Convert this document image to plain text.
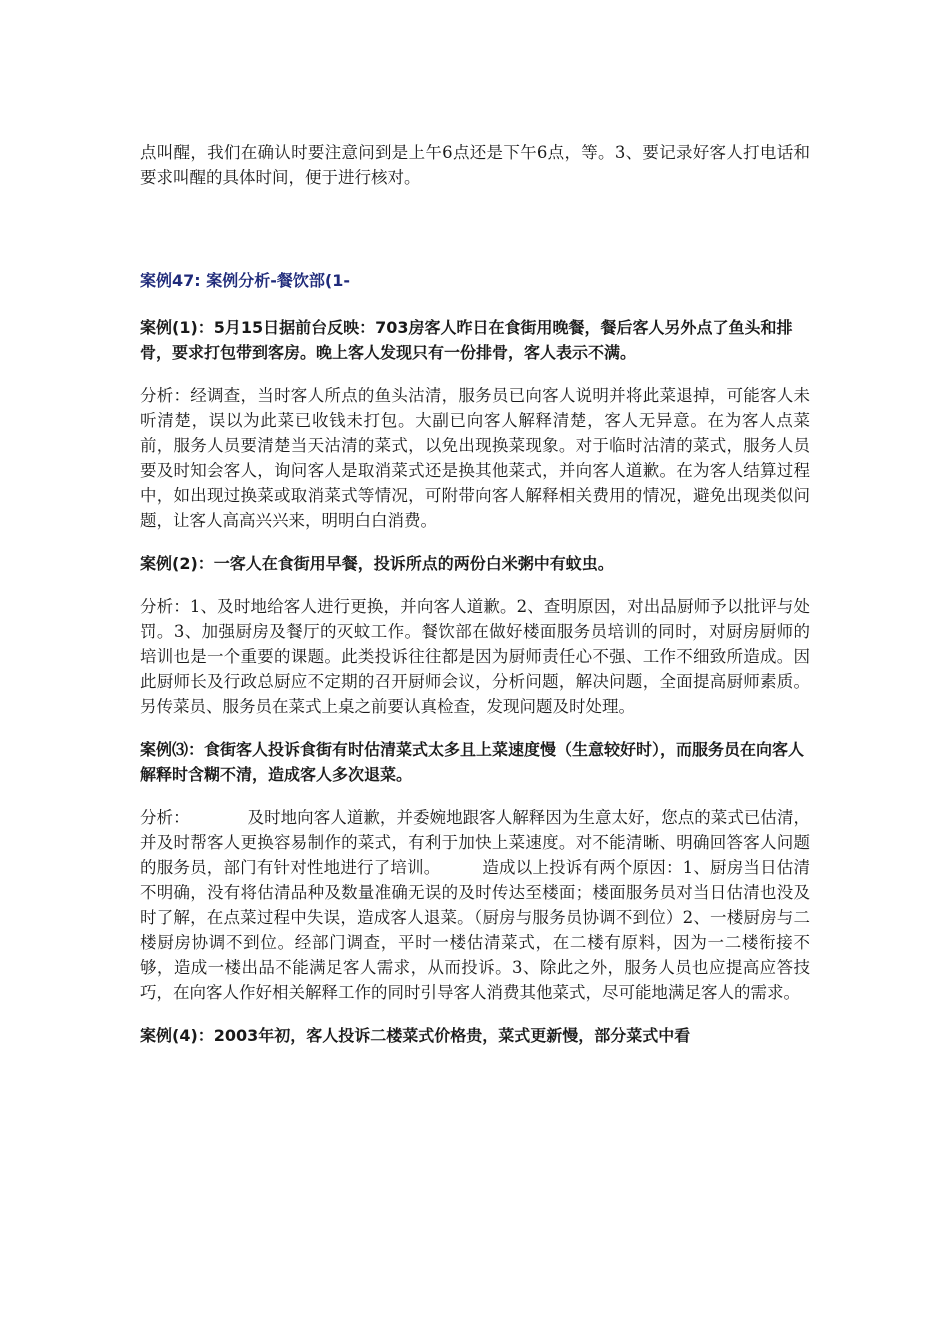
点叫醒，我们在确认时要注意问到是上午6点还是下午6点，等。3、要记录好客人打电话和要求叫醒的具体时间，便于进行核对。

案例47: 案例分析-餐饮部(1-

案例(1)：5月15日据前台反映：703房客人昨日在食街用晚餐，餐后客人另外点了鱼头和排骨，要求打包带到客房。晚上客人发现只有一份排骨，客人表示不满。

分析：经调查，当时客人所点的鱼头沽清，服务员已向客人说明并将此菜退掉，可能客人未听清楚，误以为此菜已收钱未打包。大副已向客人解释清楚，客人无异意。在为客人点菜前，服务人员要清楚当天沽清的菜式，以免出现换菜现象。对于临时沽清的菜式，服务人员要及时知会客人，询问客人是取消菜式还是换其他菜式，并向客人道歉。在为客人结算过程中，如出现过换菜或取消菜式等情况，可附带向客人解释相关费用的情况，避免出现类似问题，让客人高高兴兴来，明明白白消费。

案例(2)：一客人在食街用早餐，投诉所点的两份白米粥中有蚊虫。

分析：1、及时地给客人进行更换，并向客人道歉。2、查明原因，对出品厨师予以批评与处罚。3、加强厨房及餐厅的灭蚊工作。餐饮部在做好楼面服务员培训的同时，对厨房厨师的培训也是一个重要的课题。此类投诉往往都是因为厨师责任心不强、工作不细致所造成。因此厨师长及行政总厨应不定期的召开厨师会议，分析问题，解决问题，全面提高厨师素质。另传菜员、服务员在菜式上桌之前要认真检查，发现问题及时处理。

案例⑶：食街客人投诉食街有时估清菜式太多且上菜速度慢（生意较好时），而服务员在向客人解释时含糊不清，造成客人多次退菜。

分析：　　　　及时地向客人道歉，并委婉地跟客人解释因为生意太好，您点的菜式已估清，并及时帮客人更换容易制作的菜式，有利于加快上菜速度。对不能清晰、明确回答客人问题的服务员，部门有针对性地进行了培训。　　　造成以上投诉有两个原因：1、厨房当日估清不明确，没有将估清品种及数量准确无误的及时传达至楼面；楼面服务员对当日估清也没及时了解，在点菜过程中失误，造成客人退菜。（厨房与服务员协调不到位）2、一楼厨房与二楼厨房协调不到位。经部门调查，平时一楼估清菜式，在二楼有原料，因为一二楼衔接不够，造成一楼出品不能满足客人需求，从而投诉。3、除此之外，服务人员也应提高应答技巧，在向客人作好相关解释工作的同时引导客人消费其他菜式，尽可能地满足客人的需求。

案例(4)：2003年初，客人投诉二楼菜式价格贵，菜式更新慢，部分菜式中看
